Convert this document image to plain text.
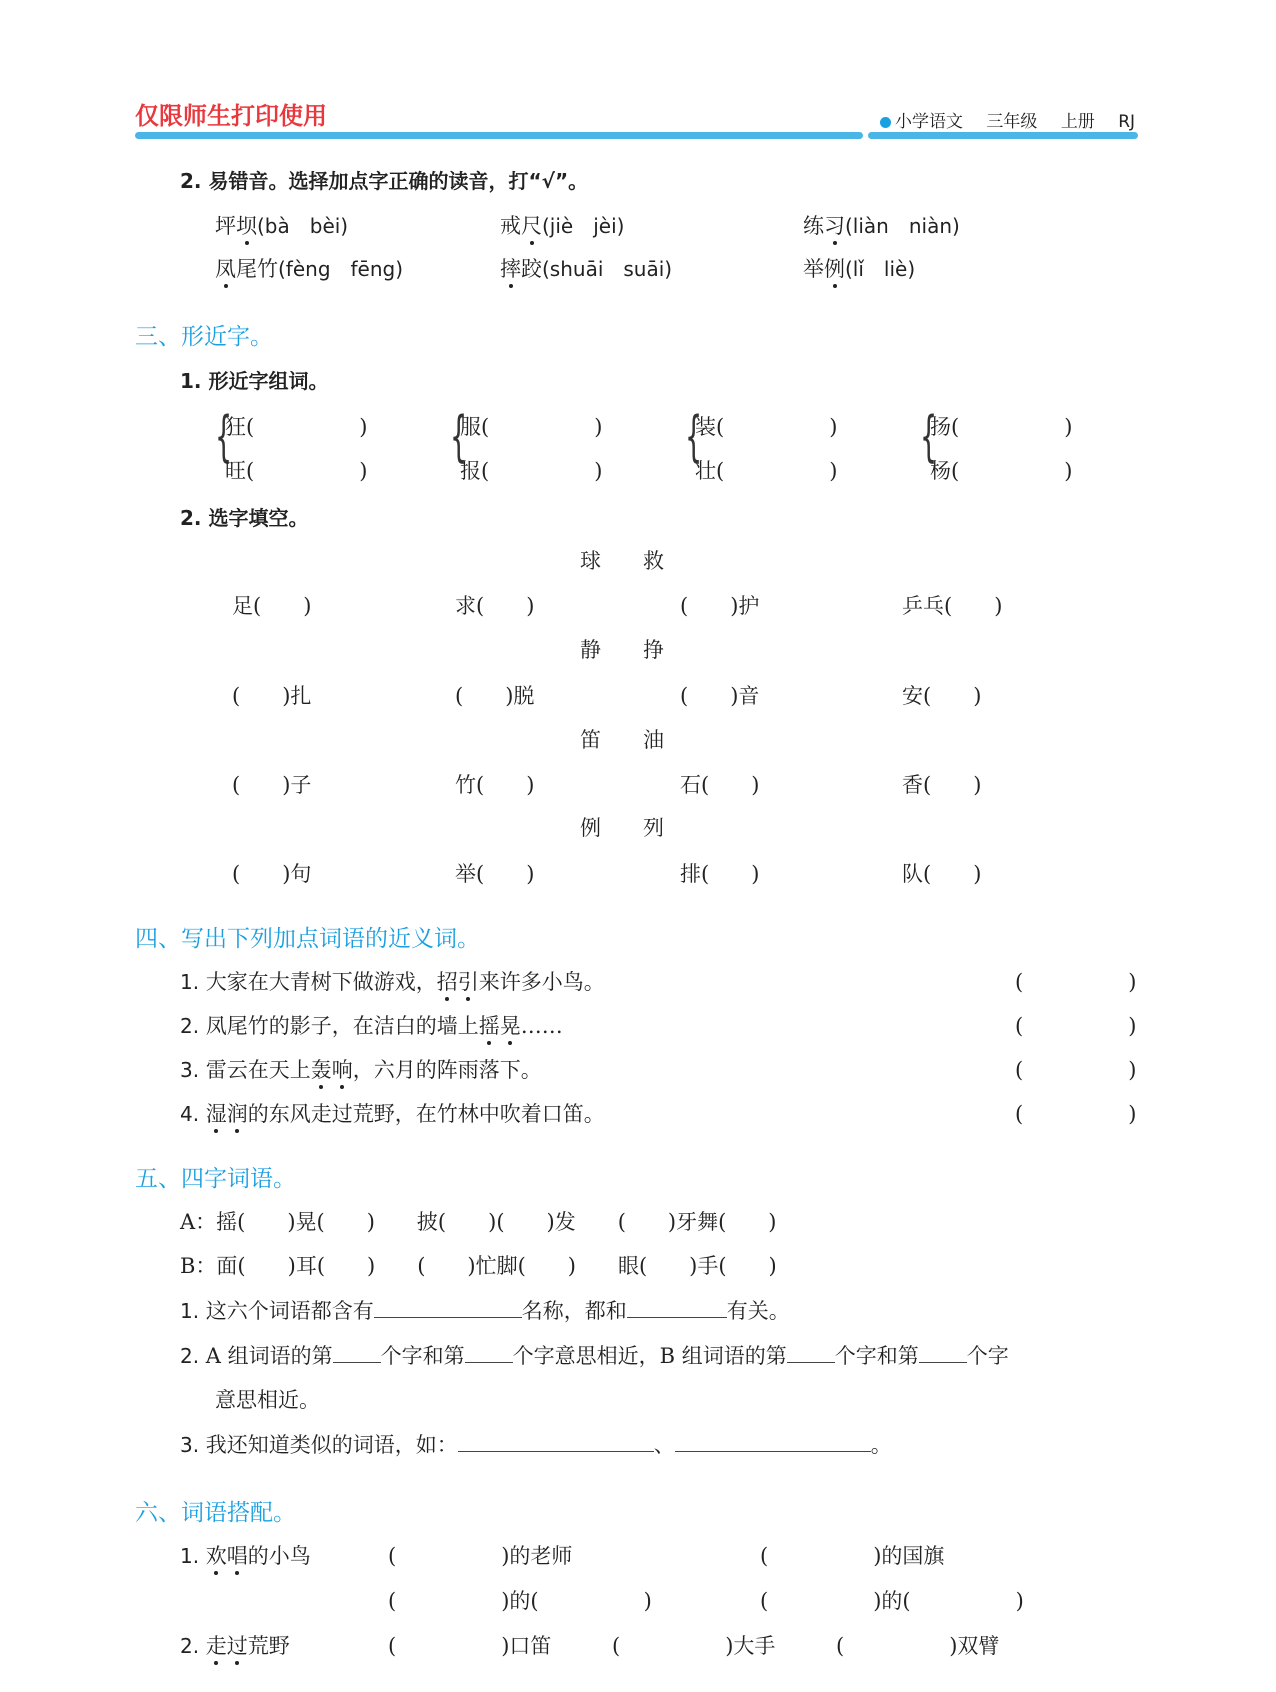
仅限师生打印使用	小学语文 三年级 上册 RJ
2. 易错音。选择加点字正确的读音，打“√”。
坪坝(bà　bèi)	戒尺(jiè　jèi)	练习(liàn　niàn)
凤尾竹(fèng　fēng)	摔跤(shuāi　suāi)	举例(lǐ　liè)
三、形近字。
1. 形近字组词。
{
狂(　　　　　)
旺(　　　　　)
{
服(　　　　　)
报(　　　　　)
{
装(　　　　　)
壮(　　　　　)
{
扬(　　　　　)
杨(　　　　　)
2. 选字填空。
球　　救
足(　　)	求(　　)	(　　)护	乒乓(　　)
静　　挣
(　　)扎	(　　)脱	(　　)音	安(　　)
笛　　油
(　　)子	竹(　　)	石(　　)	香(　　)
例　　列
(　　)句	举(　　)	排(　　)	队(　　)
四、写出下列加点词语的近义词。
1. 大家在大青树下做游戏，招引来许多小鸟。	(　　　　　)
2. 凤尾竹的影子，在洁白的墙上摇晃……	(　　　　　)
3. 雷云在天上轰响，六月的阵雨落下。	(　　　　　)
4. 湿润的东风走过荒野，在竹林中吹着口笛。	(　　　　　)
五、四字词语。
A：摇(　　)晃(　　)　　披(　　)(　　)发　　(　　)牙舞(　　)
B：面(　　)耳(　　)　　(　　)忙脚(　　)　　眼(　　)手(　　)
1. 这六个词语都含有	名称，都和	有关。
2. A 组词语的第 个字和第 个字意思相近，B 组词语的第 个字和第 个字
意思相近。
3. 我还知道类似的词语，如：	、	。
六、词语搭配。
1. 欢唱的小鸟	(　　　　　)的老师	(　　　　　)的国旗
(　　　　　)的(　　　　　)	(　　　　　)的(　　　　　)
2. 走过荒野	(　　　　　)口笛	(　　　　　)大手	(　　　　　)双臂
